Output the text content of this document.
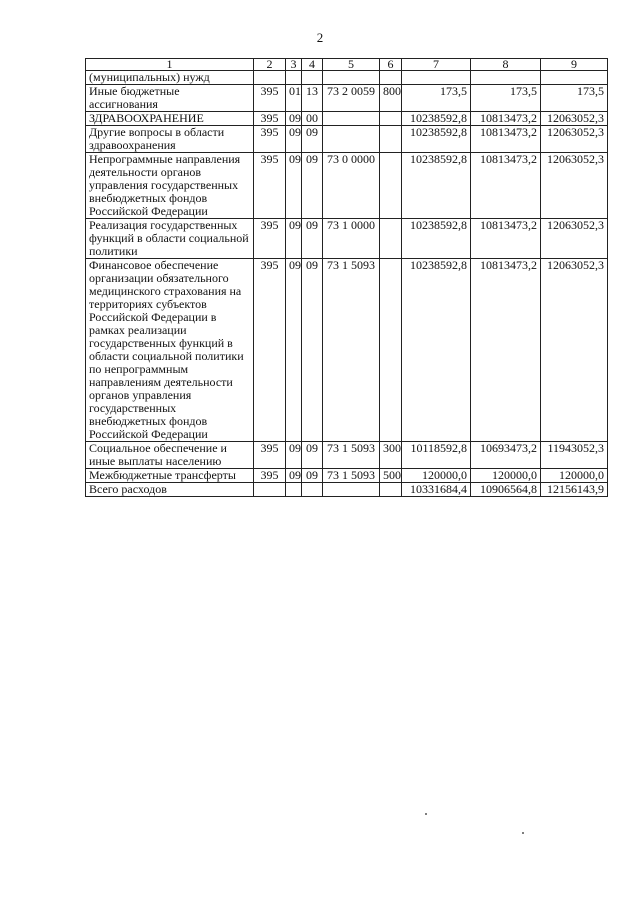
2
1	2	3	4	5	6	7	8	9
(муниципальных) нужд								
Иные бюджетные ассигнования	395	01	13	73 2 0059	800	173,5	173,5	173,5
ЗДРАВООХРАНЕНИЕ	395	09	00			10238592,8	10813473,2	12063052,3
Другие вопросы в области здравоохранения	395	09	09			10238592,8	10813473,2	12063052,3
Непрограммные направления деятельности органов управления государственных внебюджетных фондов Российской Федерации	395	09	09	73 0 0000		10238592,8	10813473,2	12063052,3
Реализация государственных функций в области социальной политики	395	09	09	73 1 0000		10238592,8	10813473,2	12063052,3
Финансовое обеспечение организации обязательного медицинского страхования на территориях субъектов Российской Федерации в рамках реализации государственных функций в области социальной политики по непрограммным направлениям деятельности органов управления государственных внебюджетных фондов Российской Федерации	395	09	09	73 1 5093		10238592,8	10813473,2	12063052,3
Социальное обеспечение и иные выплаты населению	395	09	09	73 1 5093	300	10118592,8	10693473,2	11943052,3
Межбюджетные трансферты	395	09	09	73 1 5093	500	120000,0	120000,0	120000,0
Всего расходов						10331684,4	10906564,8	12156143,9
